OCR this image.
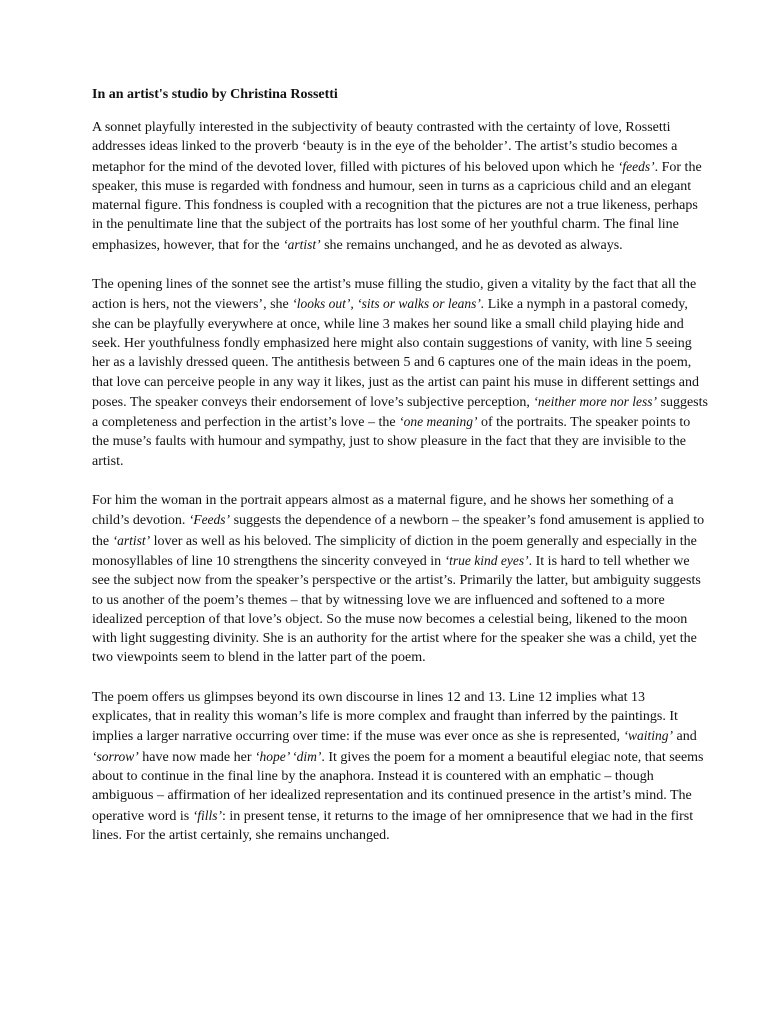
In an artist's studio by Christina Rossetti

A sonnet playfully interested in the subjectivity of beauty contrasted with the certainty of love, Rossetti addresses ideas linked to the proverb ‘beauty is in the eye of the beholder’. The artist’s studio becomes a metaphor for the mind of the devoted lover, filled with pictures of his beloved upon which he ‘feeds’. For the speaker, this muse is regarded with fondness and humour, seen in turns as a capricious child and an elegant maternal figure. This fondness is coupled with a recognition that the pictures are not a true likeness, perhaps in the penultimate line that the subject of the portraits has lost some of her youthful charm. The final line emphasizes, however, that for the ‘artist’ she remains unchanged, and he as devoted as always.

The opening lines of the sonnet see the artist’s muse filling the studio, given a vitality by the fact that all the action is hers, not the viewers’, she ‘looks out’, ‘sits or walks or leans’. Like a nymph in a pastoral comedy, she can be playfully everywhere at once, while line 3 makes her sound like a small child playing hide and seek. Her youthfulness fondly emphasized here might also contain suggestions of vanity, with line 5 seeing her as a lavishly dressed queen. The antithesis between 5 and 6 captures one of the main ideas in the poem, that love can perceive people in any way it likes, just as the artist can paint his muse in different settings and poses. The speaker conveys their endorsement of love’s subjective perception, ‘neither more nor less’ suggests a completeness and perfection in the artist’s love – the ‘one meaning’ of the portraits. The speaker points to the muse’s faults with humour and sympathy, just to show pleasure in the fact that they are invisible to the artist.

For him the woman in the portrait appears almost as a maternal figure, and he shows her something of a child’s devotion. ‘Feeds’ suggests the dependence of a newborn – the speaker’s fond amusement is applied to the ‘artist’ lover as well as his beloved. The simplicity of diction in the poem generally and especially in the monosyllables of line 10 strengthens the sincerity conveyed in ‘true kind eyes’. It is hard to tell whether we see the subject now from the speaker’s perspective or the artist’s. Primarily the latter, but ambiguity suggests to us another of the poem’s themes – that by witnessing love we are influenced and softened to a more idealized perception of that love’s object. So the muse now becomes a celestial being, likened to the moon with light suggesting divinity. She is an authority for the artist where for the speaker she was a child, yet the two viewpoints seem to blend in the latter part of the poem.

The poem offers us glimpses beyond its own discourse in lines 12 and 13. Line 12 implies what 13 explicates, that in reality this woman’s life is more complex and fraught than inferred by the paintings. It implies a larger narrative occurring over time: if the muse was ever once as she is represented, ‘waiting’ and ‘sorrow’ have now made her ‘hope’ ‘dim’. It gives the poem for a moment a beautiful elegiac note, that seems about to continue in the final line by the anaphora. Instead it is countered with an emphatic – though ambiguous – affirmation of her idealized representation and its continued presence in the artist’s mind. The operative word is ‘fills’: in present tense, it returns to the image of her omnipresence that we had in the first lines. For the artist certainly, she remains unchanged.
